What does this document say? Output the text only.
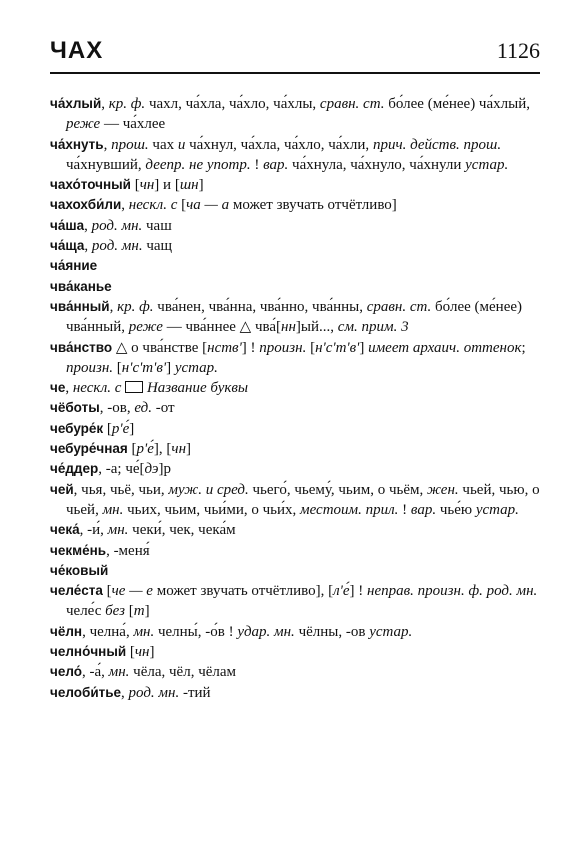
ЧАХ	1126
ча́хлый, кр. ф. чахл, ча́хла, ча́хло, ча́хлы, сравн. ст. бо́лее (ме́нее) ча́хлый, реже — ча́хлее
ча́хнуть, прош. чах и ча́хнул, ча́хла, ча́хло, ча́хли, прич. действ. прош. ча́хнувший, деепр. не употр. ! вар. ча́хнула, ча́хнуло, ча́хнули устар.
чахо́точный [чн] и [шн]
чахохби́ли, нескл. с [ча — а может звучать отчётливо]
ча́ша, род. мн. чаш
ча́ща, род. мн. чащ
ча́яние
чва́канье
чва́нный, кр. ф. чва́нен, чва́нна, чва́нно, чва́нны, сравн. ст. бо́лее (ме́нее) чва́нный, реже — чва́ннее △ чва́[нн]ый..., см. прим. 3
чва́нство △ о чва́нстве [нств'] ! произн. [н'с'т'в'] имеет архаич. оттенок; произн. [н'с'т'в'] устар.
че, нескл. с Название буквы
чёботы, -ов, ед. -от
чебуре́к [р'е́]
чебуре́чная [р'е́], [чн]
че́ддер, -а; че́[дэ]р
чей, чья, чьё, чьи, муж. и сред. чьего́, чьему́, чьим, о чьём, жен. чьей, чью, о чьей, мн. чьих, чьим, чьи́ми, о чьи́х, местоим. прил. ! вар. чье́ю устар.
чека́, -и́, мн. чеки́, чек, чека́м
чекме́нь, -меня́
че́ковый
челе́ста [че — е может звучать отчётливо], [л'е́] ! неправ. произн. ф. род. мн. челе́с без [т]
чёлн, челна́, мн. челны́, -о́в ! удар. мн. чёлны, -ов устар.
челно́чный [чн]
чело́, -а́, мн. чёла, чёл, чёлам
челоби́тье, род. мн. -тий
